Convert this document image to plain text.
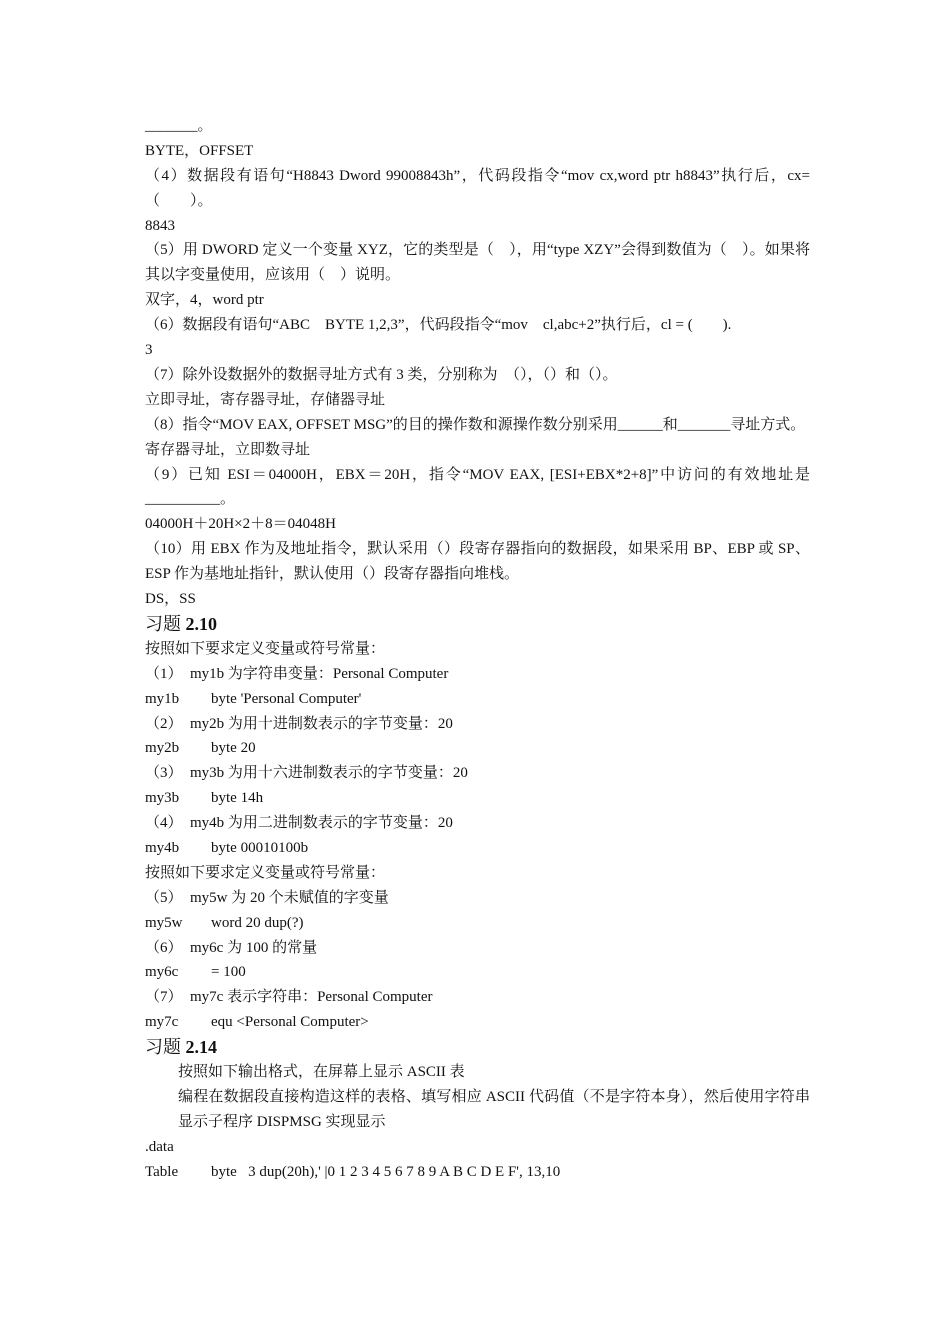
_______。
BYTE，OFFSET
（4）数据段有语句“H8843 Dword 99008843h”，代码段指令“mov cx,word ptr h8843”执行后，cx=（　　）。
8843
（5）用 DWORD 定义一个变量 XYZ，它的类型是（　），用“type XZY”会得到数值为（　）。如果将其以字变量使用，应该用（　）说明。
双字，4，word ptr
（6）数据段有语句“ABC　BYTE 1,2,3”，代码段指令“mov　cl,abc+2”执行后，cl = (　　).
3
（7）除外设数据外的数据寻址方式有 3 类，分别称为　（），（）和（）。
立即寻址，寄存器寻址，存储器寻址
（8）指令“MOV EAX, OFFSET MSG”的目的操作数和源操作数分别采用______和_______寻址方式。
寄存器寻址，立即数寻址
（9）已知 ESI＝04000H，EBX＝20H，指令“MOV EAX, [ESI+EBX*2+8]”中访问的有效地址是__________。
04000H＋20H×2＋8＝04048H
（10）用 EBX 作为及地址指令，默认采用（）段寄存器指向的数据段，如果采用 BP、EBP 或 SP、ESP 作为基地址指针，默认使用（）段寄存器指向堆栈。
DS，SS
习题 2.10
按照如下要求定义变量或符号常量：
（1）　my1b 为字符串变量：Personal Computer
my1b	byte 'Personal Computer'
（2）　my2b 为用十进制数表示的字节变量：20
my2b	byte 20
（3）　my3b 为用十六进制数表示的字节变量：20
my3b	byte 14h
（4）　my4b 为用二进制数表示的字节变量：20
my4b	byte 00010100b
按照如下要求定义变量或符号常量：
（5）　my5w 为 20 个未赋值的字变量
my5w	word 20 dup(?)
（6）　my6c 为 100 的常量
my6c	= 100
（7）　my7c 表示字符串：Personal Computer
my7c	equ <Personal Computer>
习题 2.14
按照如下输出格式，在屏幕上显示 ASCII 表
编程在数据段直接构造这样的表格、填写相应 ASCII 代码值（不是字符本身），然后使用字符串显示子程序 DISPMSG 实现显示
.data
Table	byte   3 dup(20h),' |0 1 2 3 4 5 6 7 8 9 A B C D E F', 13,10
